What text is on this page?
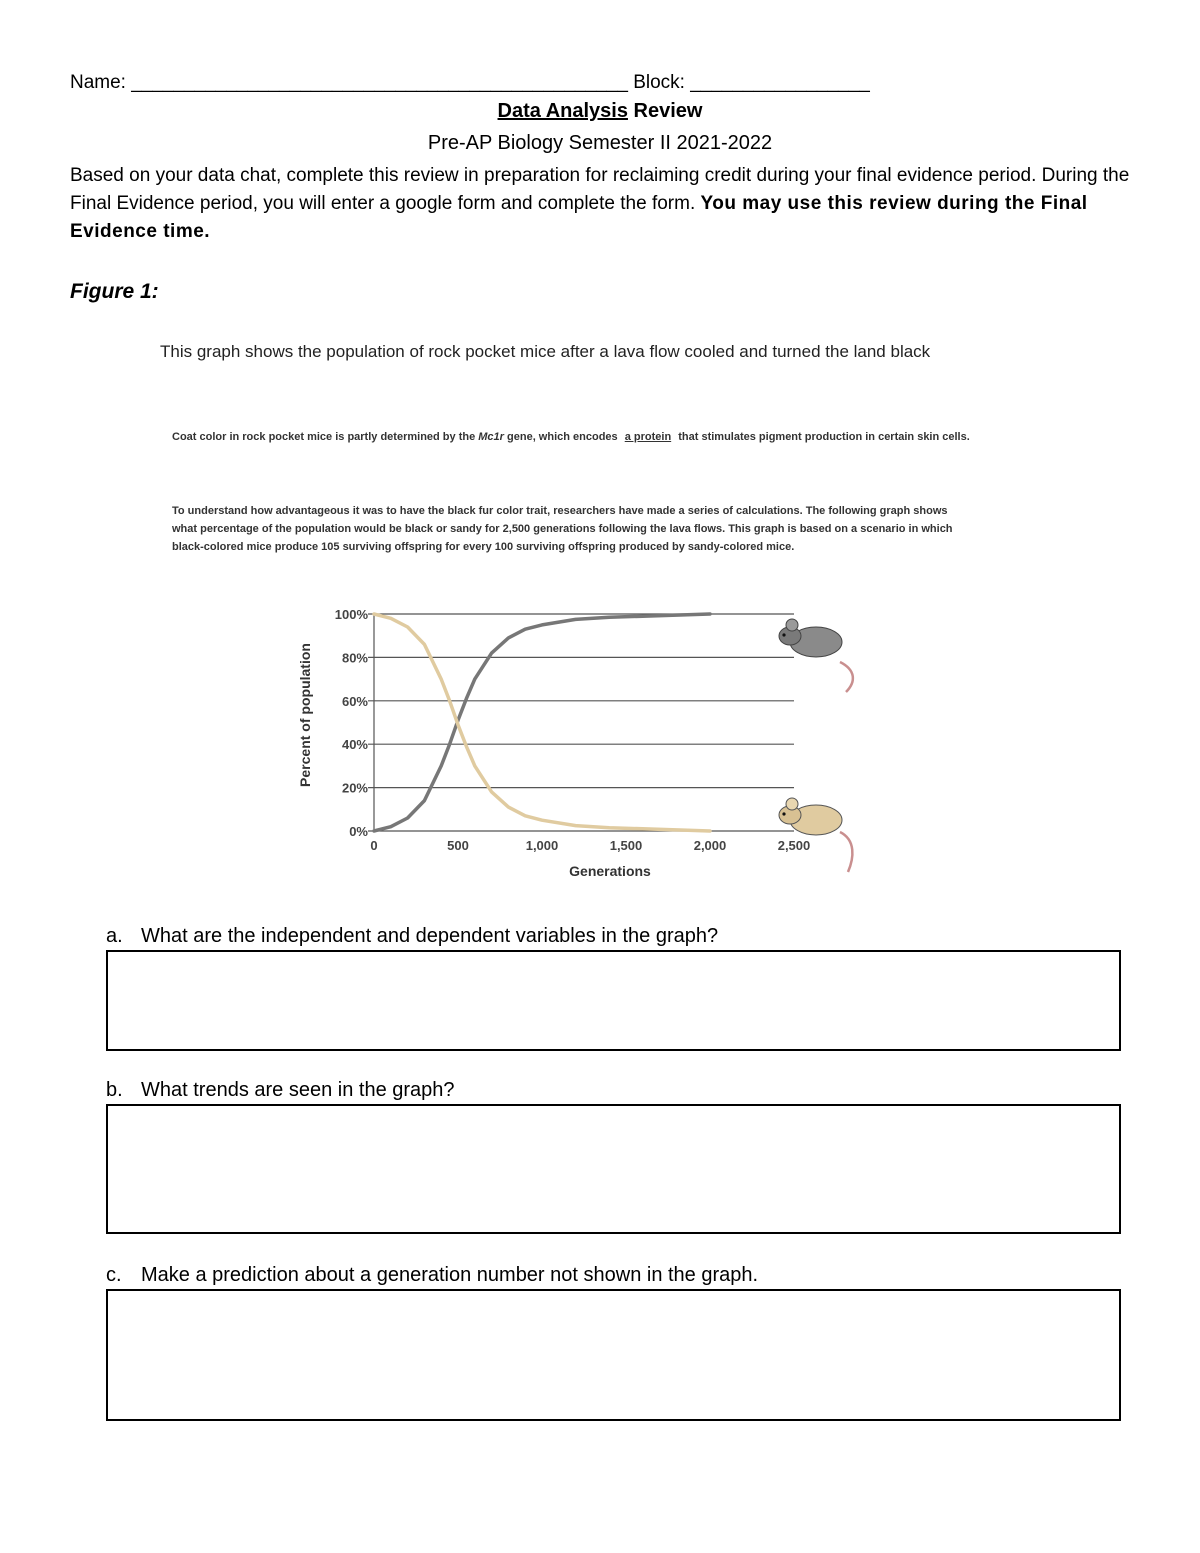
Name: _______________________________________________ Block: _________________
Data Analysis Review
Pre-AP Biology Semester II 2021-2022
Based on your data chat, complete this review in preparation for reclaiming credit during your final evidence period. During the Final Evidence period, you will enter a google form and complete the form. You may use this review during the Final Evidence time.
Figure 1:
This graph shows the population of rock pocket mice after a lava flow cooled and turned the land black
Coat color in rock pocket mice is partly determined by the Mc1r gene, which encodes a protein that stimulates pigment production in certain skin cells.
To understand how advantageous it was to have the black fur color trait, researchers have made a series of calculations. The following graph shows what percentage of the population would be black or sandy for 2,500 generations following the lava flows. This graph is based on a scenario in which black-colored mice produce 105 surviving offspring for every 100 surviving offspring produced by sandy-colored mice.
0%
20%
40%
60%
80%
100%
0	500	1,000	1,500	2,000	2,500
Percent of population
Generations
a. What are the independent and dependent variables in the graph?
b. What trends are seen in the graph?
c. Make a prediction about a generation number not shown in the graph.
